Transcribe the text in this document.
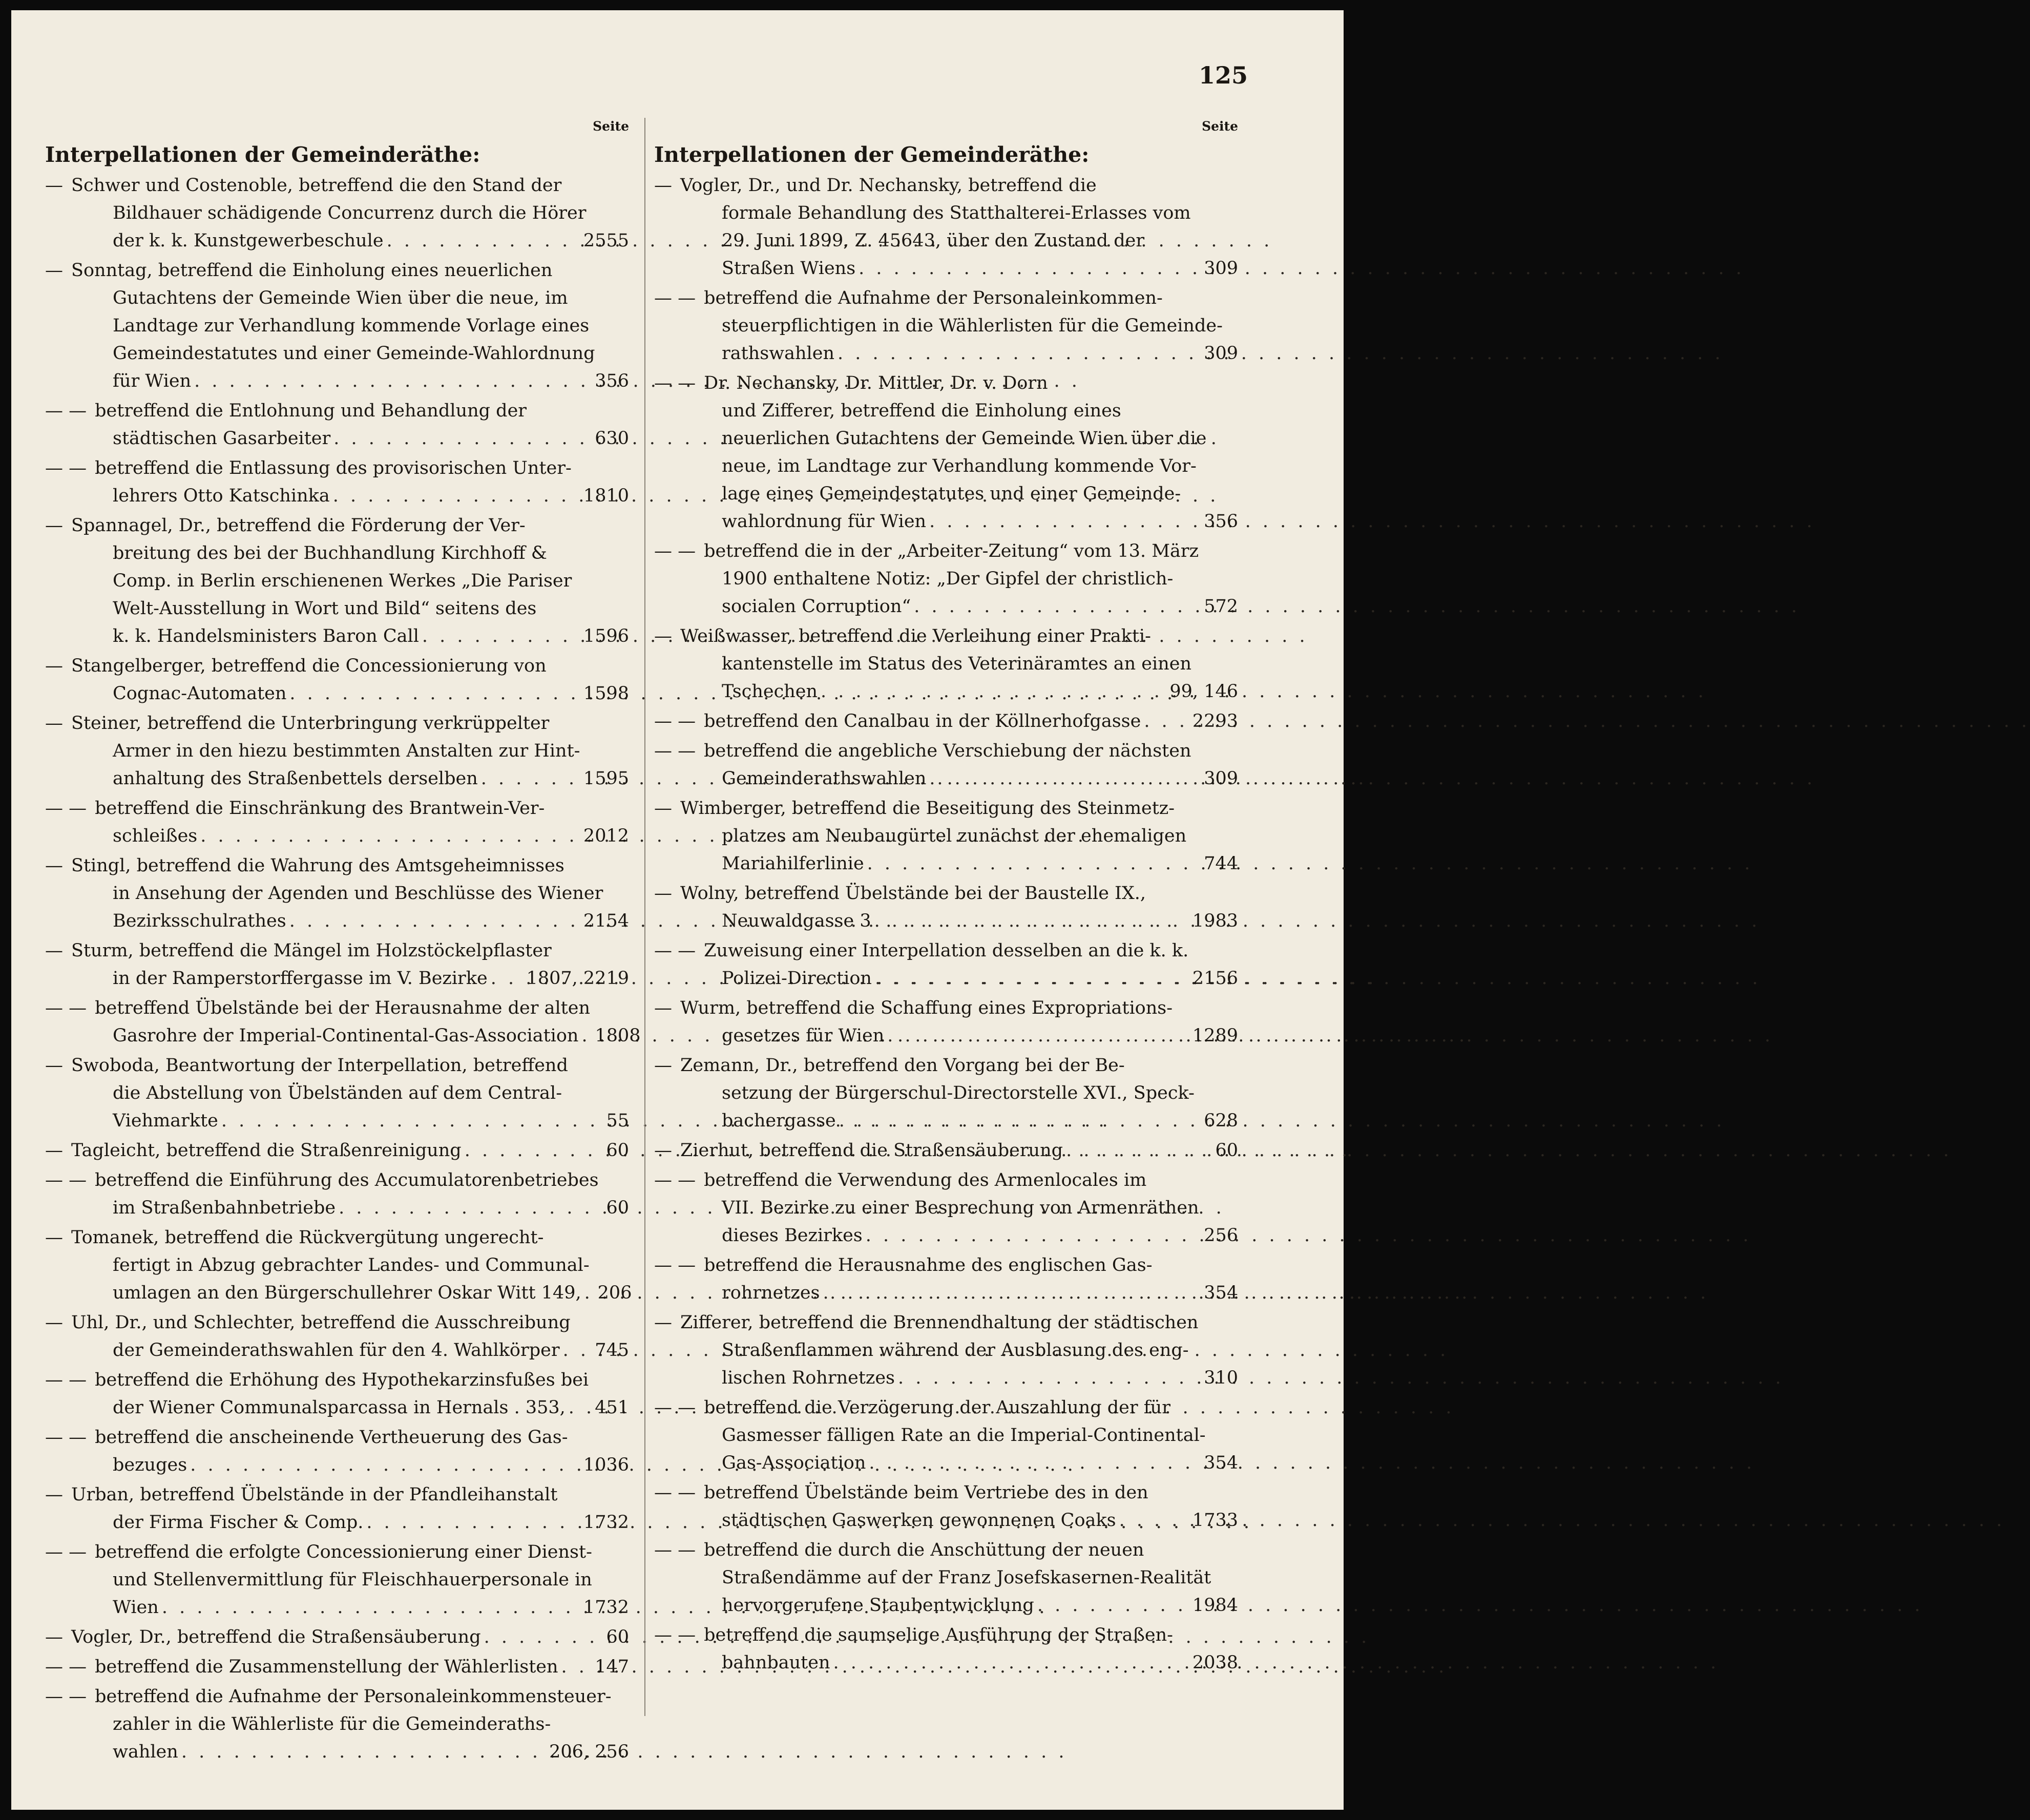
125
Seite
Interpellationen der Gemeinderäthe:
— Schwer und Costenoble, betreffend die den Stand der
Bildhauer schädigende Concurrenz durch die Hörer
der k. k. Kunstgewerbeschule . . .	2555
— Sonntag, betreffend die Einholung eines neuerlichen
Gutachtens der Gemeinde Wien über die neue, im
Landtage zur Verhandlung kommende Vorlage eines
Gemeindestatutes und einer Gemeinde-Wahlordnung
für Wien . . .	356
— — betreffend die Entlohnung und Behandlung der
städtischen Gasarbeiter . . .	630
— — betreffend die Entlassung des provisorischen Unter-
lehrers Otto Katschinka . . .	1810
— Spannagel, Dr., betreffend die Förderung der Ver-
breitung des bei der Buchhandlung Kirchhoff &
Comp. in Berlin erschienenen Werkes „Die Pariser
Welt-Ausstellung in Wort und Bild“ seitens des
k. k. Handelsministers Baron Call . . .	1596
— Stangelberger, betreffend die Concessionierung von
Cognac-Automaten . . .	1598
— Steiner, betreffend die Unterbringung verkrüppelter
Armer in den hiezu bestimmten Anstalten zur Hint-
anhaltung des Straßenbettels derselben . . .	1595
— — betreffend die Einschränkung des Brantwein-Ver-
schleißes . . .	2012
— Stingl, betreffend die Wahrung des Amtsgeheimnisses
in Ansehung der Agenden und Beschlüsse des Wiener
Bezirksschulrathes . . .	2154
— Sturm, betreffend die Mängel im Holzstöckelpflaster
in der Ramperstorffergasse im V. Bezirke . . . 1807, 2219
— — betreffend Übelstände bei der Herausnahme der alten
Gasrohre der Imperial-Continental-Gas-Association . . . 1808
— Swoboda, Beantwortung der Interpellation, betreffend
die Abstellung von Übelständen auf dem Central-
Viehmarkte . . .	55
— Tagleicht, betreffend die Straßenreinigung . . .	60
— — betreffend die Einführung des Accumulatorenbetriebes
im Straßenbahnbetriebe . . .	60
— Tomanek, betreffend die Rückvergütung ungerecht-
fertigt in Abzug gebrachter Landes- und Communal-
umlagen an den Bürgerschullehrer Oskar Witt 149, . . . 206
— Uhl, Dr., und Schlechter, betreffend die Ausschreibung
der Gemeinderathswahlen für den 4. Wahlkörper . . . 745
— — betreffend die Erhöhung des Hypothekarzinsfußes bei
der Wiener Communalsparcassa in Hernals . 353, . . . 451
— — betreffend die anscheinende Vertheuerung des Gas-
bezuges . . .	1036
— Urban, betreffend Übelstände in der Pfandleihanstalt
der Firma Fischer & Comp. . . .	1732
— — betreffend die erfolgte Concessionierung einer Dienst-
und Stellenvermittlung für Fleischhauerpersonale in
Wien . . .	1732
— Vogler, Dr., betreffend die Straßensäuberung . . .	60
— — betreffend die Zusammenstellung der Wählerlisten . . . 147
— — betreffend die Aufnahme der Personaleinkommensteuer-
zahler in die Wählerliste für die Gemeinderaths-
wahlen . . .	206, 256
Seite
Interpellationen der Gemeinderäthe:
— Vogler, Dr., und Dr. Nechansky, betreffend die
formale Behandlung des Statthalterei-Erlasses vom
29. Juni 1899, Z. 45643, über den Zustand der
Straßen Wiens . . .	309
— — betreffend die Aufnahme der Personaleinkommen-
steuerpflichtigen in die Wählerlisten für die Gemeinde-
rathswahlen . . .	309
— — Dr. Nechansky, Dr. Mittler, Dr. v. Dorn
und Zifferer, betreffend die Einholung eines
neuerlichen Gutachtens der Gemeinde Wien über die
neue, im Landtage zur Verhandlung kommende Vor-
lage eines Gemeindestatutes und einer Gemeinde-
wahlordnung für Wien . . .	356
— — betreffend die in der „Arbeiter-Zeitung“ vom 13. März
1900 enthaltene Notiz: „Der Gipfel der christlich-
socialen Corruption“ . . .	572
— Weißwasser, betreffend die Verleihung einer Prakti-
kantenstelle im Status des Veterinäramtes an einen
Tschechen . . .	99, 146
— — betreffend den Canalbau in der Köllnerhofgasse . . .	2293
— — betreffend die angebliche Verschiebung der nächsten
Gemeinderathswahlen . . .	309
— Wimberger, betreffend die Beseitigung des Steinmetz-
platzes am Neubaugürtel zunächst der ehemaligen
Mariahilferlinie . . .	744
— Wolny, betreffend Übelstände bei der Baustelle IX.,
Neuwaldgasse 3 . . .	1983
— — Zuweisung einer Interpellation desselben an die k. k.
Polizei-Direction . . .	2156
— Wurm, betreffend die Schaffung eines Expropriations-
gesetzes für Wien . . .	1289
— Zemann, Dr., betreffend den Vorgang bei der Be-
setzung der Bürgerschul-Directorstelle XVI., Speck-
bachergasse . . .	628
— Zierhut, betreffend die Straßensäuberung . . .	60
— — betreffend die Verwendung des Armenlocales im
VII. Bezirke zu einer Besprechung von Armenräthen
dieses Bezirkes . . .	256
— — betreffend die Herausnahme des englischen Gas-
rohrnetzes . . .	354
— Zifferer, betreffend die Brennendhaltung der städtischen
Straßenflammen während der Ausblasung des eng-
lischen Rohrnetzes . . .	310
— — betreffend die Verzögerung der Auszahlung der für
Gasmesser fälligen Rate an die Imperial-Continental-
Gas-Association . . .	354
— — betreffend Übelstände beim Vertriebe des in den
städtischen Gaswerken gewonnenen Coaks . . .	1733
— — betreffend die durch die Anschüttung der neuen
Straßendämme auf der Franz Josefskasernen-Realität
hervorgerufene Staubentwicklung . . .	1984
— — betreffend die saumselige Ausführung der Straßen-
bahnbauten . . .	2038
